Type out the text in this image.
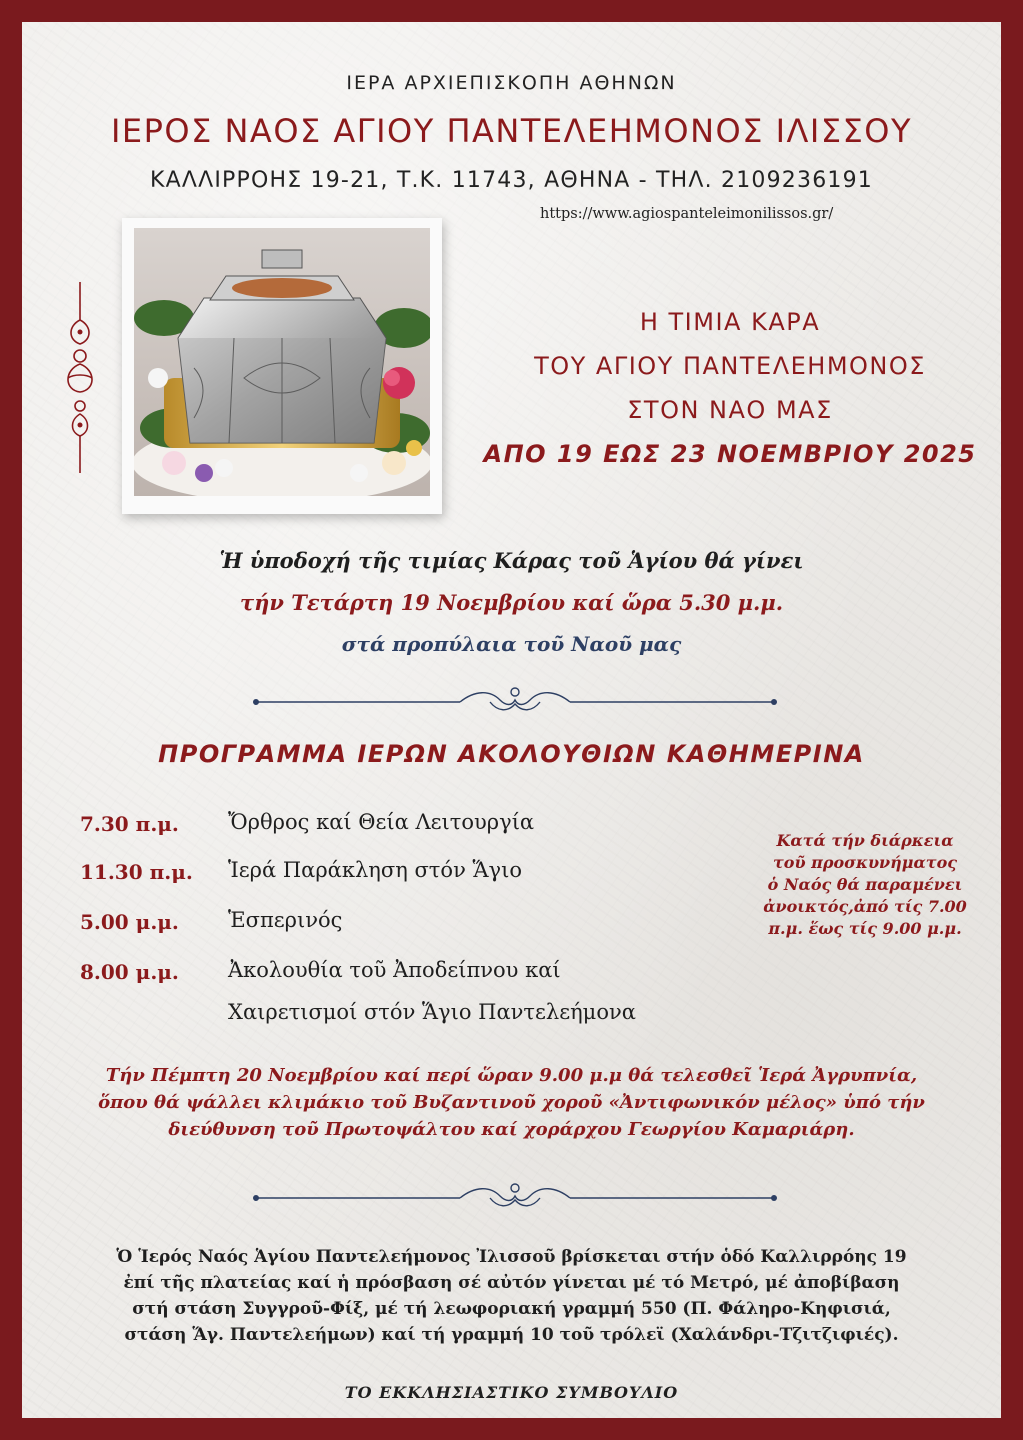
ΙΕΡΑ ΑΡΧΙΕΠΙΣΚΟΠΗ ΑΘΗΝΩΝ
ΙΕΡΟΣ ΝΑΟΣ ΑΓΙΟΥ ΠΑΝΤΕΛΕΗΜΟΝΟΣ ΙΛΙΣΣΟΥ
ΚΑΛΛΙΡΡΟΗΣ 19-21, Τ.Κ. 11743, ΑΘΗΝΑ - ΤΗΛ. 2109236191
https://www.agiospanteleimonilissos.gr/
Η ΤΙΜΙΑ ΚΑΡΑ
ΤΟΥ ΑΓΙΟΥ ΠΑΝΤΕΛΕΗΜΟΝΟΣ
ΣΤΟΝ ΝΑΟ ΜΑΣ
ΑΠΟ 19 ΕΩΣ 23 ΝΟΕΜΒΡΙΟΥ 2025
Ἡ ὑποδοχή τῆς τιμίας Κάρας τοῦ Ἁγίου θά γίνει
τήν Τετάρτη 19 Νοεμβρίου καί ὥρα 5.30 μ.μ.
στά προπύλαια τοῦ Ναοῦ μας
ΠΡΟΓΡΑΜΜΑ ΙΕΡΩΝ ΑΚΟΛΟΥΘΙΩΝ ΚΑΘΗΜΕΡΙΝΑ
7.30 π.μ. Ὄρθρος καί Θεία Λειτουργία
11.30 π.μ. Ἱερά Παράκληση στόν Ἅγιο
5.00 μ.μ. Ἑσπερινός
8.00 μ.μ. Ἀκολουθία τοῦ Ἀποδείπνου καί
Χαιρετισμοί στόν Ἅγιο Παντελεήμονα
Κατά τήν διάρκεια
τοῦ προσκυνήματος
ὁ Ναός θά παραμένει
ἀνοικτός,ἀπό τίς 7.00
π.μ. ἕως τίς 9.00 μ.μ.
Τήν Πέμπτη 20 Νοεμβρίου καί περί ὥραν 9.00 μ.μ θά τελεσθεῖ Ἱερά Ἀγρυπνία,
ὅπου θά ψάλλει κλιμάκιο τοῦ Βυζαντινοῦ χοροῦ «Ἀντιφωνικόν μέλος» ὑπό τήν
διεύθυνση τοῦ Πρωτοψάλτου καί χοράρχου Γεωργίου Καμαριάρη.
Ὁ Ἱερός Ναός Ἁγίου Παντελεήμονος Ἰλισσοῦ βρίσκεται στήν ὁδό Καλλιρρόης 19
ἐπί τῆς πλατείας καί ἡ πρόσβαση σέ αὐτόν γίνεται μέ τό Μετρό, μέ ἀποβίβαση
στή στάση Συγγροῦ-Φίξ, μέ τή λεωφοριακή γραμμή 550 (Π. Φάληρο-Κηφισιά,
στάση Ἅγ. Παντελεήμων) καί τή γραμμή 10 τοῦ τρόλεϊ (Χαλάνδρι-Τζιτζιφιές).
ΤΟ ΕΚΚΛΗΣΙΑΣΤΙΚΟ ΣΥΜΒΟΥΛΙΟ
